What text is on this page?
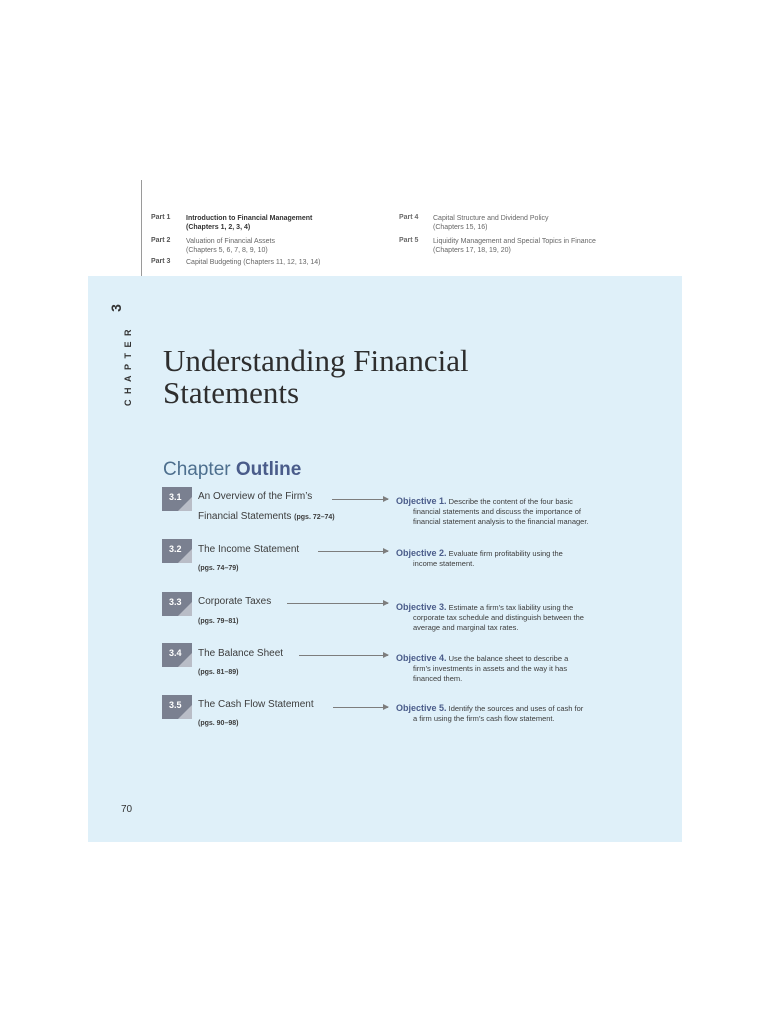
Part 1 Introduction to Financial Management
(Chapters 1, 2, 3, 4)
Part 2 Valuation of Financial Assets
(Chapters 5, 6, 7, 8, 9, 10)
Part 3 Capital Budgeting (Chapters 11, 12, 13, 14)
Part 4 Capital Structure and Dividend Policy
(Chapters 15, 16)
Part 5 Liquidity Management and Special Topics in Finance
(Chapters 17, 18, 19, 20)
CHAPTER
3
Understanding Financial
Statements
Chapter Outline
3.1	An Overview of the Firm’s
Financial Statements (pgs. 72–74)
Objective 1. Describe the content of the four basic
financial statements and discuss the importance of
financial statement analysis to the financial manager.
3.2	The Income Statement
(pgs. 74–79)
Objective 2. Evaluate firm profitability using the
income statement.
3.3	Corporate Taxes
(pgs. 79–81)
Objective 3. Estimate a firm’s tax liability using the
corporate tax schedule and distinguish between the
average and marginal tax rates.
3.4	The Balance Sheet
(pgs. 81–89)
Objective 4. Use the balance sheet to describe a
firm’s investments in assets and the way it has
financed them.
3.5	The Cash Flow Statement
(pgs. 90–98)
Objective 5. Identify the sources and uses of cash for
a firm using the firm’s cash flow statement.
70
